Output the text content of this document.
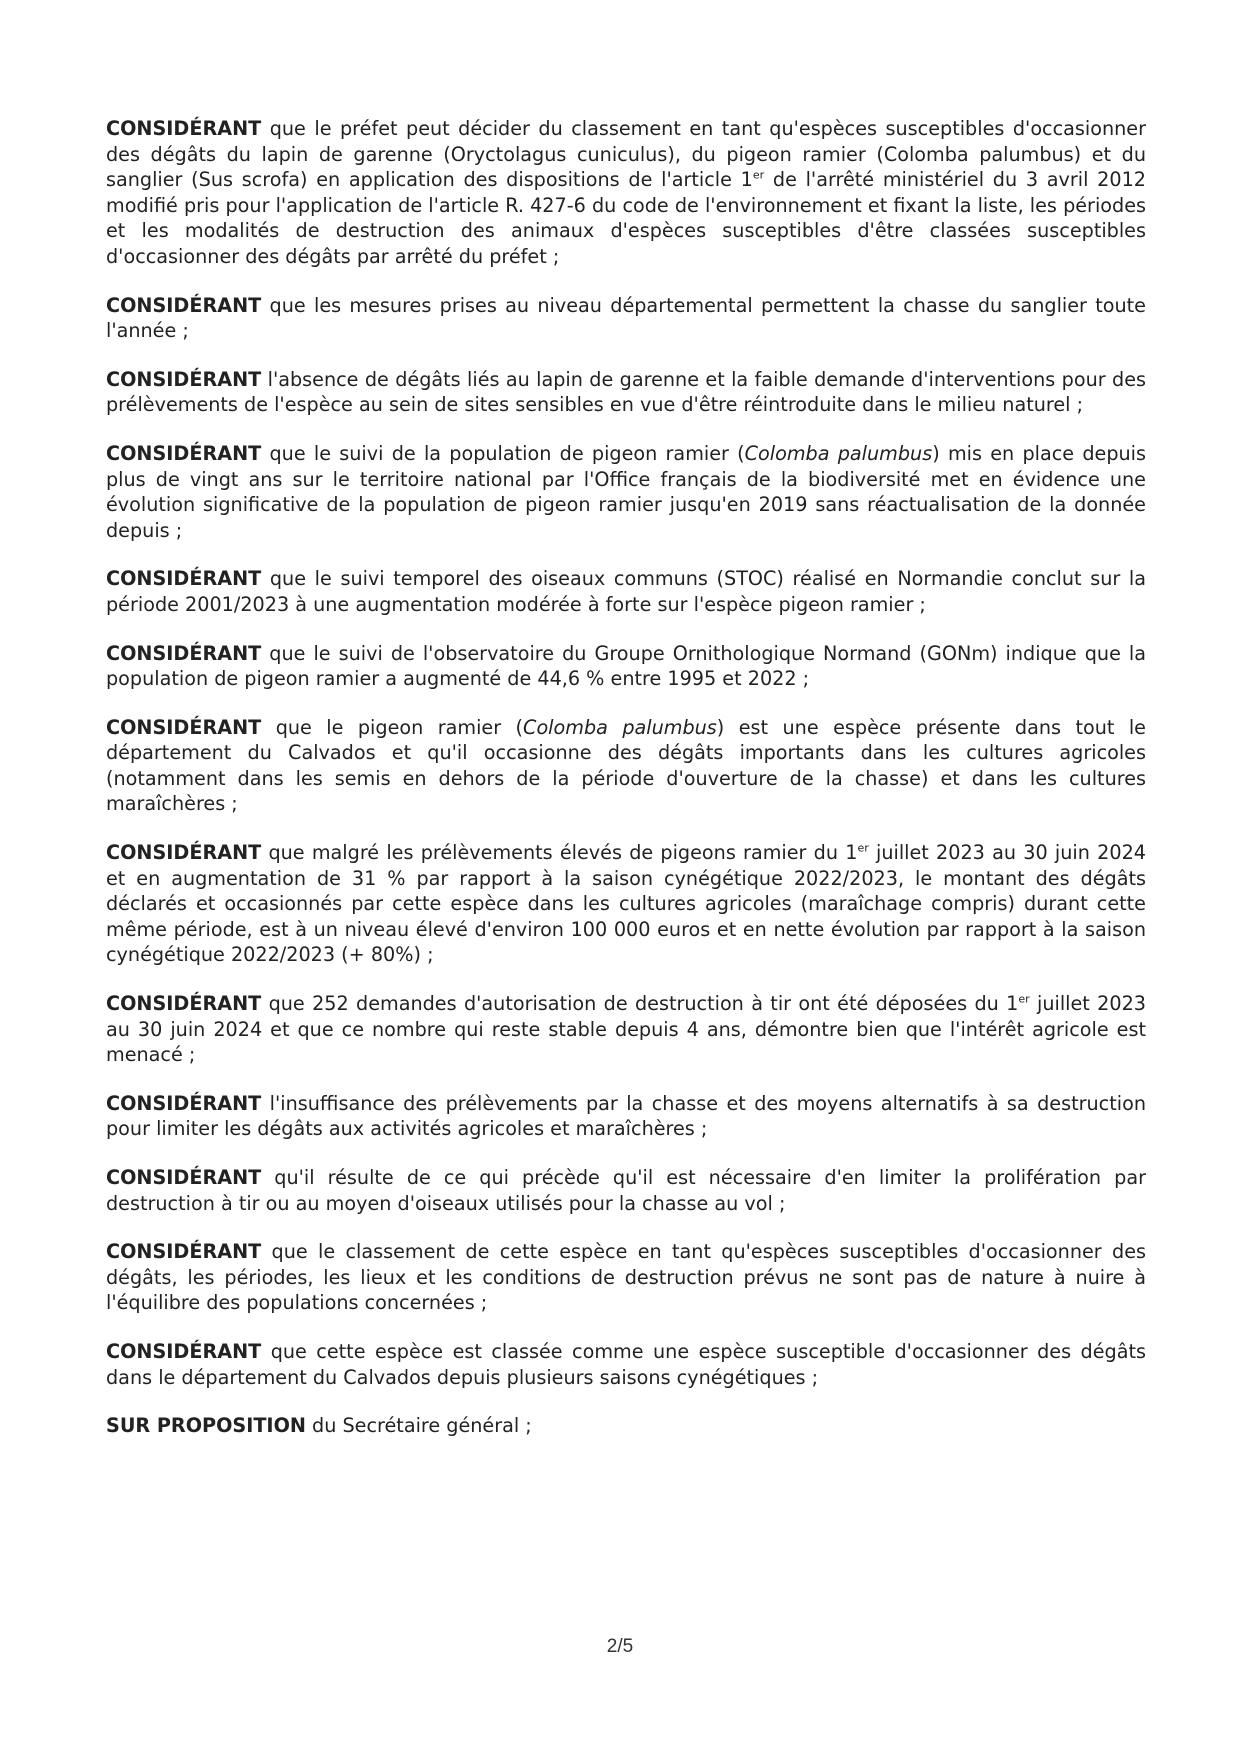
CONSIDÉRANT que le préfet peut décider du classement en tant qu'espèces susceptibles d'occasionner des dégâts du lapin de garenne (Oryctolagus cuniculus), du pigeon ramier (Colomba palumbus) et du sanglier (Sus scrofa) en application des dispositions de l'article 1er de l'arrêté ministériel du 3 avril 2012 modifié pris pour l'application de l'article R. 427-6 du code de l'environnement et fixant la liste, les périodes et les modalités de destruction des animaux d'espèces susceptibles d'être classées susceptibles d'occasionner des dégâts par arrêté du préfet ;

CONSIDÉRANT que les mesures prises au niveau départemental permettent la chasse du sanglier toute l'année ;

CONSIDÉRANT l'absence de dégâts liés au lapin de garenne et la faible demande d'interventions pour des prélèvements de l'espèce au sein de sites sensibles en vue d'être réintroduite dans le milieu naturel ;

CONSIDÉRANT que le suivi de la population de pigeon ramier (Colomba palumbus) mis en place depuis plus de vingt ans sur le territoire national par l'Office français de la biodiversité met en évidence une évolution significative de la population de pigeon ramier jusqu'en 2019 sans réactualisation de la donnée depuis ;

CONSIDÉRANT que le suivi temporel des oiseaux communs (STOC) réalisé en Normandie conclut sur la période 2001/2023 à une augmentation modérée à forte sur l'espèce pigeon ramier ;

CONSIDÉRANT que le suivi de l'observatoire du Groupe Ornithologique Normand (GONm) indique que la population de pigeon ramier a augmenté de 44,6 % entre 1995 et 2022 ;

CONSIDÉRANT que le pigeon ramier (Colomba palumbus) est une espèce présente dans tout le département du Calvados et qu'il occasionne des dégâts importants dans les cultures agricoles (notamment dans les semis en dehors de la période d'ouverture de la chasse) et dans les cultures maraîchères ;

CONSIDÉRANT que malgré les prélèvements élevés de pigeons ramier du 1er juillet 2023 au 30 juin 2024 et en augmentation de 31 % par rapport à la saison cynégétique 2022/2023, le montant des dégâts déclarés et occasionnés par cette espèce dans les cultures agricoles (maraîchage compris) durant cette même période, est à un niveau élevé d'environ 100 000 euros et en nette évolution par rapport à la saison cynégétique 2022/2023 (+ 80%) ;

CONSIDÉRANT que 252 demandes d'autorisation de destruction à tir ont été déposées du 1er juillet 2023 au 30 juin 2024 et que ce nombre qui reste stable depuis 4 ans, démontre bien que l'intérêt agricole est menacé ;

CONSIDÉRANT l'insuffisance des prélèvements par la chasse et des moyens alternatifs à sa destruction pour limiter les dégâts aux activités agricoles et maraîchères ;

CONSIDÉRANT qu'il résulte de ce qui précède qu'il est nécessaire d'en limiter la prolifération par destruction à tir ou au moyen d'oiseaux utilisés pour la chasse au vol ;

CONSIDÉRANT que le classement de cette espèce en tant qu'espèces susceptibles d'occasionner des dégâts, les périodes, les lieux et les conditions de destruction prévus ne sont pas de nature à nuire à l'équilibre des populations concernées ;

CONSIDÉRANT que cette espèce est classée comme une espèce susceptible d'occasionner des dégâts dans le département du Calvados depuis plusieurs saisons cynégétiques ;

SUR PROPOSITION du Secrétaire général ;

2/5
